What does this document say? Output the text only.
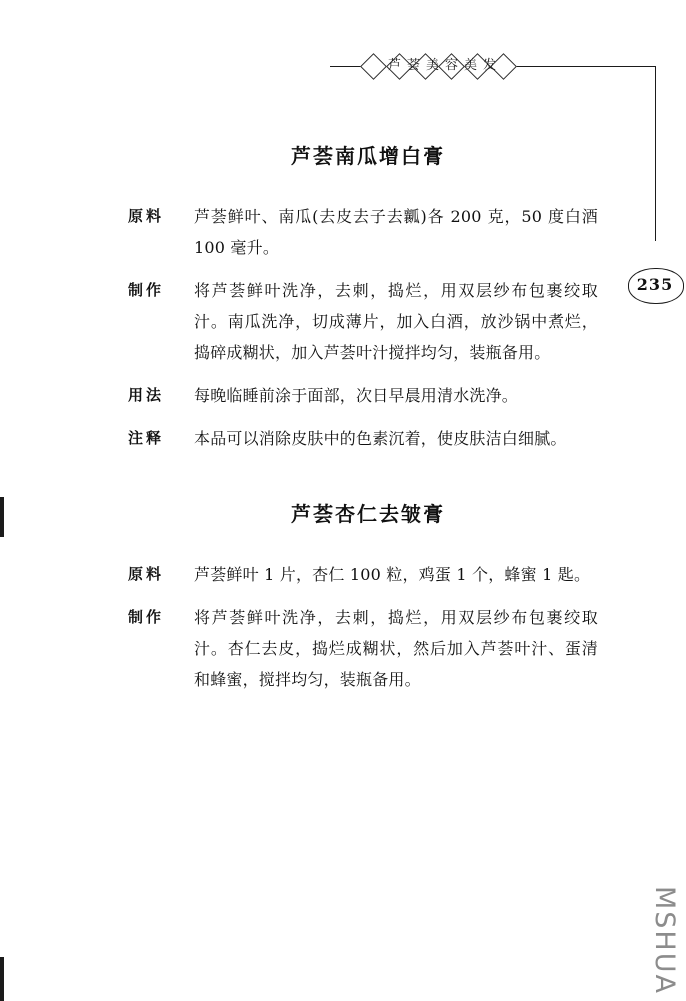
芦荟美容美发
235
MSHUA
芦荟南瓜增白膏
原料	芦荟鲜叶、南瓜(去皮去子去瓤)各 200 克，50 度白酒 100 毫升。
制作	将芦荟鲜叶洗净，去刺，捣烂，用双层纱布包裹绞取汁。南瓜洗净，切成薄片，加入白酒，放沙锅中煮烂，捣碎成糊状，加入芦荟叶汁搅拌均匀，装瓶备用。
用法	每晚临睡前涂于面部，次日早晨用清水洗净。
注释	本品可以消除皮肤中的色素沉着，使皮肤洁白细腻。
芦荟杏仁去皱膏
原料	芦荟鲜叶 1 片，杏仁 100 粒，鸡蛋 1 个，蜂蜜 1 匙。
制作	将芦荟鲜叶洗净，去刺，捣烂，用双层纱布包裹绞取汁。杏仁去皮，捣烂成糊状，然后加入芦荟叶汁、蛋清和蜂蜜，搅拌均匀，装瓶备用。
